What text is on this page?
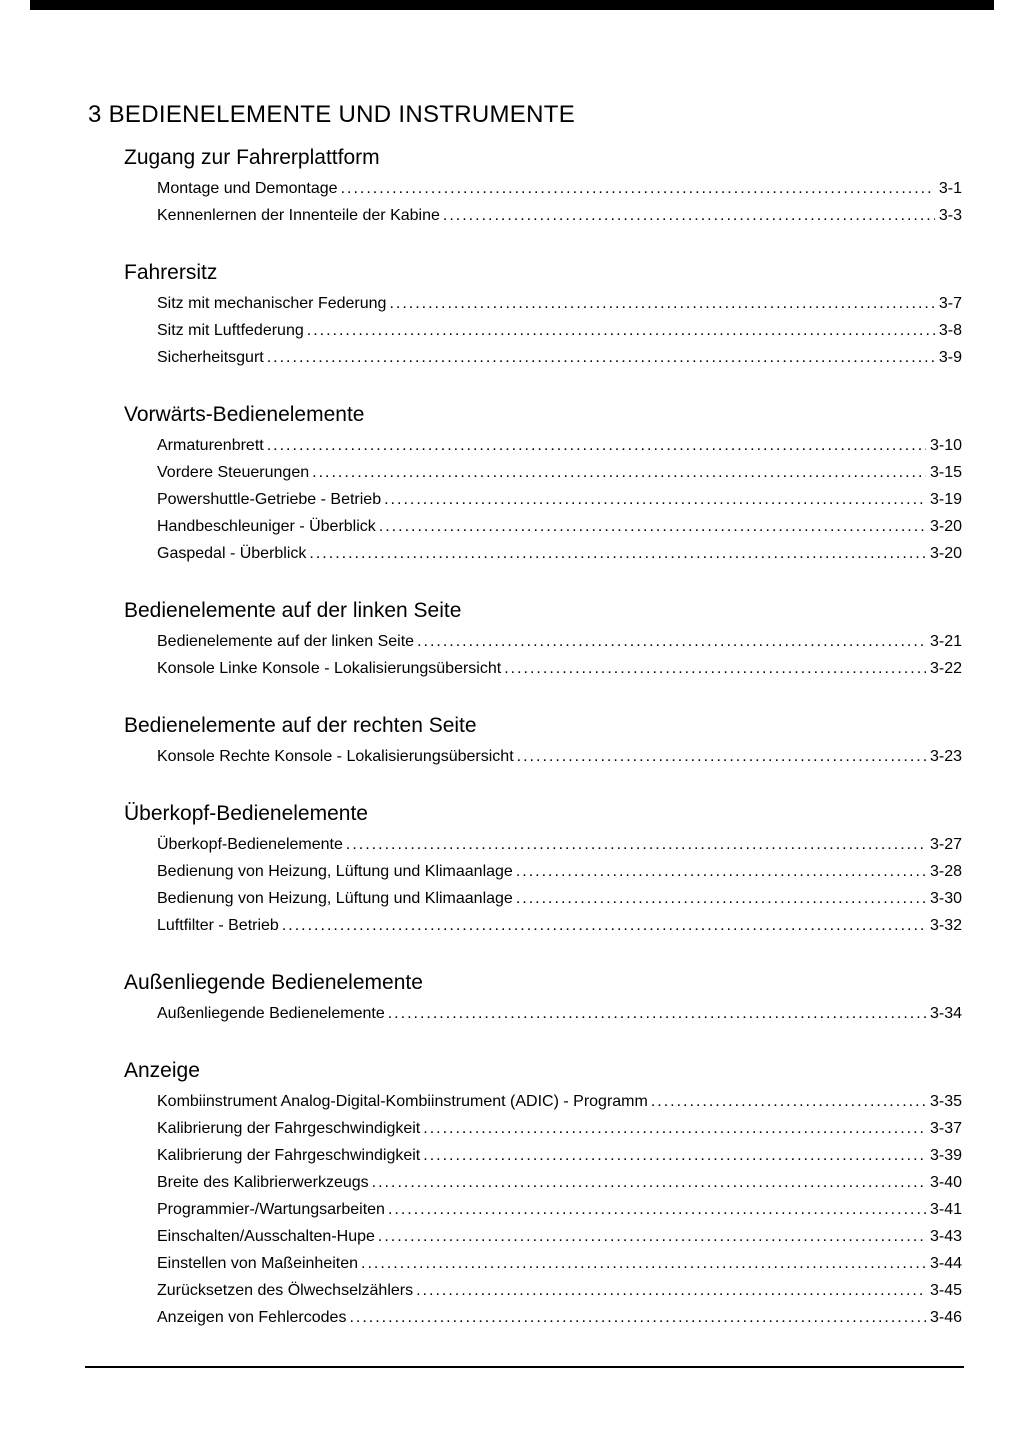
3 BEDIENELEMENTE UND INSTRUMENTE
Zugang zur Fahrerplattform
Montage und Demontage .....	3-1
Kennenlernen der Innenteile der Kabine .....	3-3
Fahrersitz
Sitz mit mechanischer Federung .....	3-7
Sitz mit Luftfederung .....	3-8
Sicherheitsgurt .....	3-9
Vorwärts-Bedienelemente
Armaturenbrett .....	3-10
Vordere Steuerungen .....	3-15
Powershuttle-Getriebe - Betrieb .....	3-19
Handbeschleuniger - Überblick .....	3-20
Gaspedal - Überblick .....	3-20
Bedienelemente auf der linken Seite
Bedienelemente auf der linken Seite .....	3-21
Konsole Linke Konsole - Lokalisierungsübersicht .....	3-22
Bedienelemente auf der rechten Seite
Konsole Rechte Konsole - Lokalisierungsübersicht .....	3-23
Überkopf-Bedienelemente
Überkopf-Bedienelemente .....	3-27
Bedienung von Heizung, Lüftung und Klimaanlage .....	3-28
Bedienung von Heizung, Lüftung und Klimaanlage .....	3-30
Luftfilter - Betrieb .....	3-32
Außenliegende Bedienelemente
Außenliegende Bedienelemente .....	3-34
Anzeige
Kombiinstrument Analog-Digital-Kombiinstrument (ADIC) - Programm .....	3-35
Kalibrierung der Fahrgeschwindigkeit .....	3-37
Kalibrierung der Fahrgeschwindigkeit .....	3-39
Breite des Kalibrierwerkzeugs .....	3-40
Programmier-/Wartungsarbeiten .....	3-41
Einschalten/Ausschalten-Hupe .....	3-43
Einstellen von Maßeinheiten .....	3-44
Zurücksetzen des Ölwechselzählers .....	3-45
Anzeigen von Fehlercodes .....	3-46
